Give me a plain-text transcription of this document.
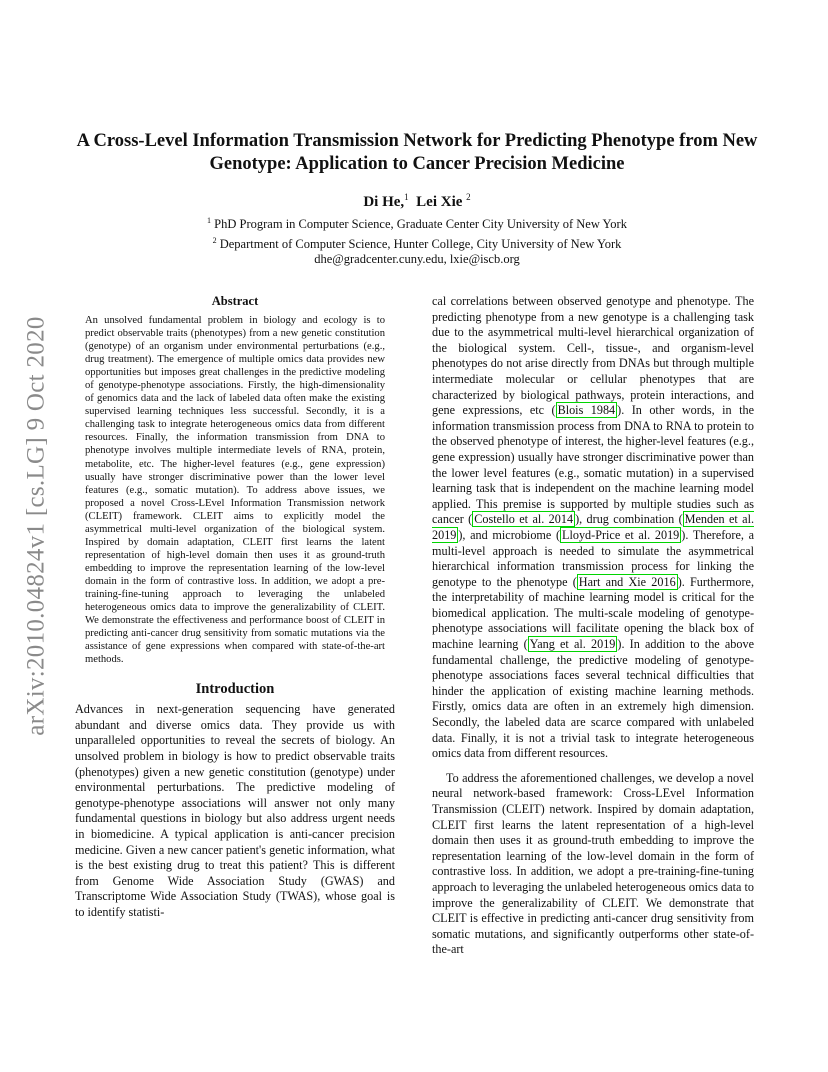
arXiv:2010.04824v1 [cs.LG] 9 Oct 2020
A Cross-Level Information Transmission Network for Predicting Phenotype from New Genotype: Application to Cancer Precision Medicine
Di He,$^1$ Lei Xie $^2$
$^1$ PhD Program in Computer Science, Graduate Center City University of New York
$^2$ Department of Computer Science, Hunter College, City University of New York
dhe@gradcenter.cuny.edu, lxie@iscb.org
Abstract

An unsolved fundamental problem in biology and ecology is to predict observable traits (phenotypes) from a new genetic constitution (genotype) of an organism under environmental perturbations (e.g., drug treatment). The emergence of multiple omics data provides new opportunities but imposes great challenges in the predictive modeling of genotype-phenotype associations. Firstly, the high-dimensionality of genomics data and the lack of labeled data often make the existing supervised learning techniques less successful. Secondly, it is a challenging task to integrate heterogeneous omics data from different resources. Finally, the information transmission from DNA to phenotype involves multiple intermediate levels of RNA, protein, metabolite, etc. The higher-level features (e.g., gene expression) usually have stronger discriminative power than the lower level features (e.g., somatic mutation). To address above issues, we proposed a novel Cross-LEvel Information Transmission network (CLEIT) framework. CLEIT aims to explicitly model the asymmetrical multi-level organization of the biological system. Inspired by domain adaptation, CLEIT first learns the latent representation of high-level domain then uses it as ground-truth embedding to improve the representation learning of the low-level domain in the form of contrastive loss. In addition, we adopt a pre-training-fine-tuning approach to leveraging the unlabeled heterogeneous omics data to improve the generalizability of CLEIT. We demonstrate the effectiveness and performance boost of CLEIT in predicting anti-cancer drug sensitivity from somatic mutations via the assistance of gene expressions when compared with state-of-the-art methods.

Introduction

Advances in next-generation sequencing have generated abundant and diverse omics data. They provide us with unparalleled opportunities to reveal the secrets of biology. An unsolved problem in biology is how to predict observable traits (phenotypes) given a new genetic constitution (genotype) under environmental perturbations. The predictive modeling of genotype-phenotype associations will answer not only many fundamental questions in biology but also address urgent needs in biomedicine. A typical application is anti-cancer precision medicine. Given a new cancer patient's genetic information, what is the best existing drug to treat this patient? This is different from Genome Wide Association Study (GWAS) and Transcriptome Wide Association Study (TWAS), whose goal is to identify statisti-

cal correlations between observed genotype and phenotype. The predicting phenotype from a new genotype is a challenging task due to the asymmetrical multi-level hierarchical organization of the biological system. Cell-, tissue-, and organism-level phenotypes do not arise directly from DNAs but through multiple intermediate molecular or cellular phenotypes that are characterized by biological pathways, protein interactions, and gene expressions, etc ( Blois 1984 ). In other words, in the information transmission process from DNA to RNA to protein to the observed phenotype of interest, the higher-level features (e.g., gene expression) usually have stronger discriminative power than the lower level features (e.g., somatic mutation) in a supervised learning task that is independent on the machine learning model applied. This premise is supported by multiple studies such as cancer ( Costello et al. 2014 ), drug combination ( Menden et al. 2019 ), and microbiome ( Lloyd-Price et al. 2019 ). Therefore, a multi-level approach is needed to simulate the asymmetrical hierarchical information transmission process for linking the genotype to the phenotype ( Hart and Xie 2016 ). Furthermore, the interpretability of machine learning model is critical for the biomedical application. The multi-scale modeling of genotype-phenotype associations will facilitate opening the black box of machine learning ( Yang et al. 2019 ). In addition to the above fundamental challenge, the predictive modeling of genotype-phenotype associations faces several technical difficulties that hinder the application of existing machine learning methods. Firstly, omics data are often in an extremely high dimension. Secondly, the labeled data are scarce compared with unlabeled data. Finally, it is not a trivial task to integrate heterogeneous omics data from different resources.

To address the aforementioned challenges, we develop a novel neural network-based framework: Cross-LEvel Information Transmission (CLEIT) network. Inspired by domain adaptation, CLEIT first learns the latent representation of a high-level domain then uses it as ground-truth embedding to improve the representation learning of the low-level domain in the form of contrastive loss. In addition, we adopt a pre-training-fine-tuning approach to leveraging the unlabeled heterogeneous omics data to improve the generalizability of CLEIT. We demonstrate that CLEIT is effective in predicting anti-cancer drug sensitivity from somatic mutations, and significantly outperforms other state-of-the-art
